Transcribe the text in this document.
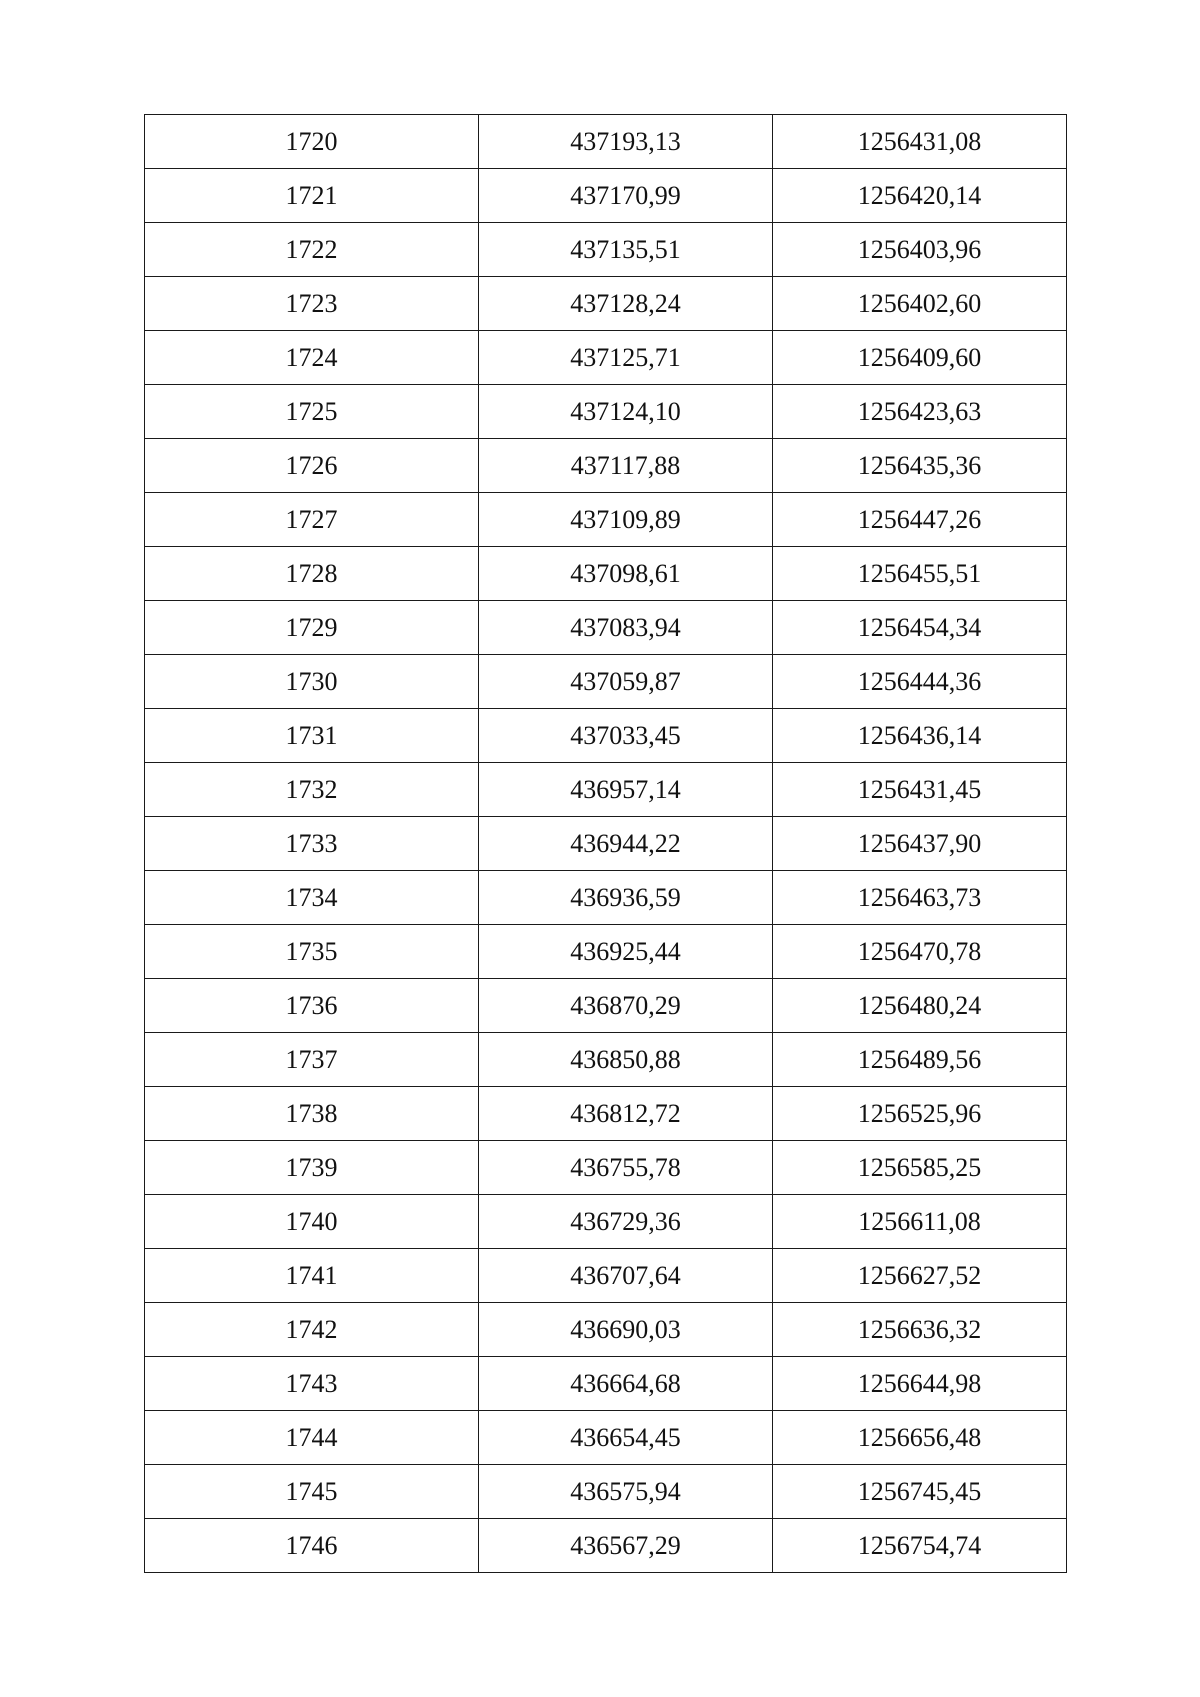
1720	437193,13	1256431,08
1721	437170,99	1256420,14
1722	437135,51	1256403,96
1723	437128,24	1256402,60
1724	437125,71	1256409,60
1725	437124,10	1256423,63
1726	437117,88	1256435,36
1727	437109,89	1256447,26
1728	437098,61	1256455,51
1729	437083,94	1256454,34
1730	437059,87	1256444,36
1731	437033,45	1256436,14
1732	436957,14	1256431,45
1733	436944,22	1256437,90
1734	436936,59	1256463,73
1735	436925,44	1256470,78
1736	436870,29	1256480,24
1737	436850,88	1256489,56
1738	436812,72	1256525,96
1739	436755,78	1256585,25
1740	436729,36	1256611,08
1741	436707,64	1256627,52
1742	436690,03	1256636,32
1743	436664,68	1256644,98
1744	436654,45	1256656,48
1745	436575,94	1256745,45
1746	436567,29	1256754,74
